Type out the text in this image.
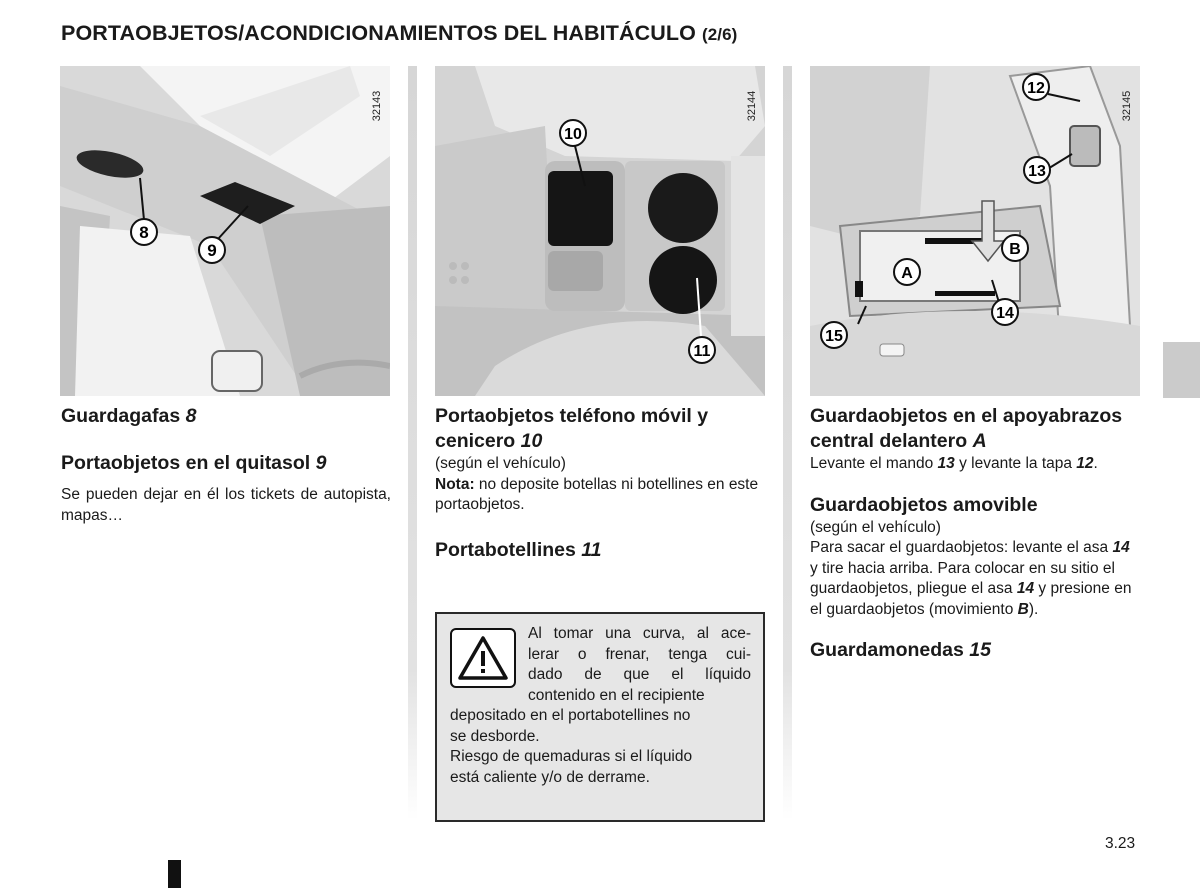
PORTAOBJETOS/ACONDICIONAMIENTOS DEL HABITÁCULO (2/6)
32143
8
9
32144
10
11
32145
12
13
B
A
14
15
Guardagafas 8
Portaobjetos en el quitasol 9
Se pueden dejar en él los tickets de autopista, mapas…
Portaobjetos teléfono móvil y cenicero 10
(según el vehículo)
Nota: no deposite botellas ni botellines en este portaobjetos.
Portabotellines 11
Al tomar una curva, al ace-
lerar o frenar, tenga cui-
dado de que el líquido
contenido en el recipiente
depositado en el portabotellines no
se desborde.
Riesgo de quemaduras si el líquido
está caliente y/o de derrame.
Guardaobjetos en el apoyabrazos central delantero A
Levante el mando 13 y levante la tapa 12.
Guardaobjetos amovible
(según el vehículo)
Para sacar el guardaobjetos: levante el asa 14 y tire hacia arriba. Para colocar en su sitio el guardaobjetos, pliegue el asa 14 y presione en el guardaobjetos (movimiento B).
Guardamonedas 15
3.23
